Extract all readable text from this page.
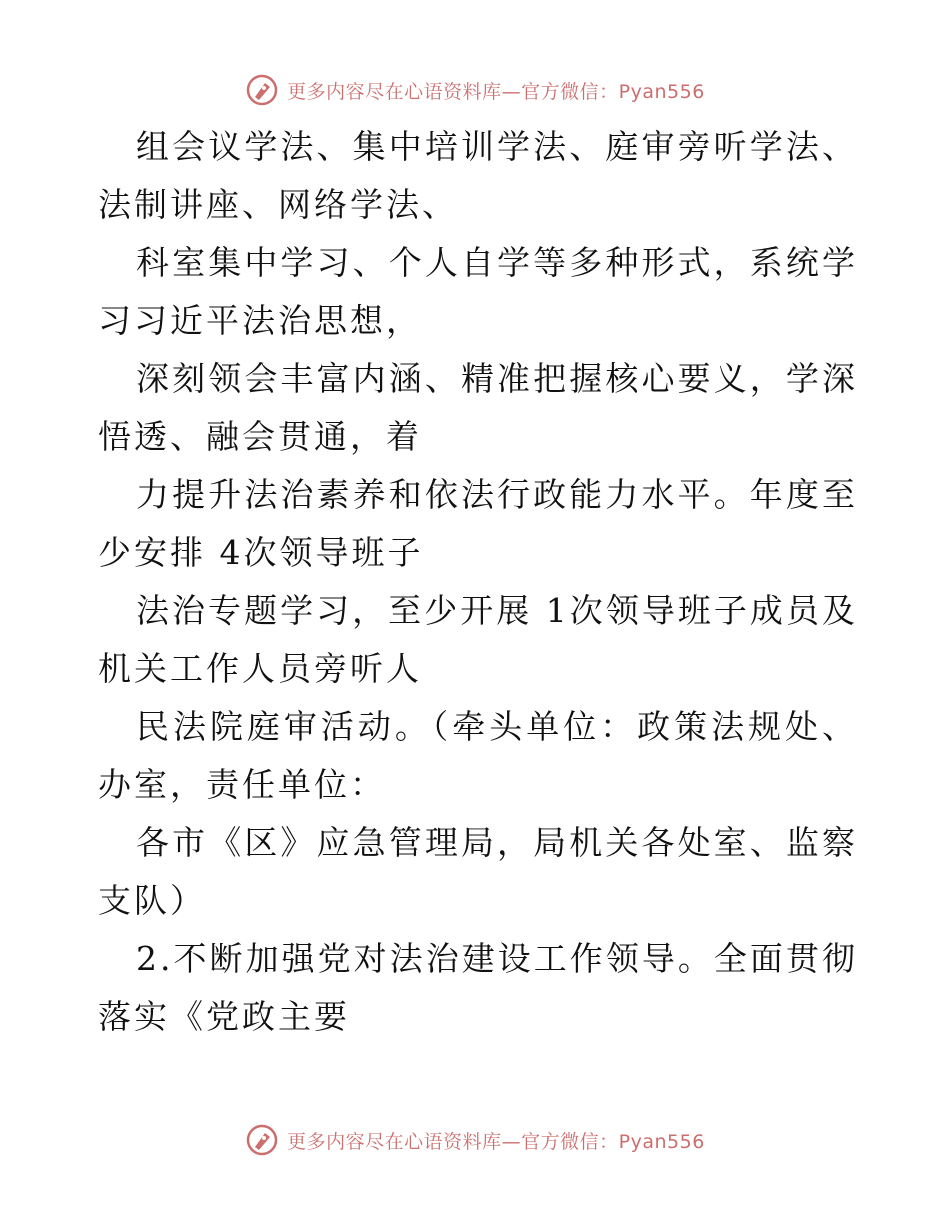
更多内容尽在心语资料库—官方微信：Pyan556

组会议学法、集中培训学法、庭审旁听学法、法制讲座、网络学法、

科室集中学习、个人自学等多种形式，系统学习习近平法治思想，

深刻领会丰富内涵、精准把握核心要义，学深悟透、融会贯通，着

力提升法治素养和依法行政能力水平。年度至少安排 4次领导班子

法治专题学习，至少开展 1次领导班子成员及机关工作人员旁听人

民法院庭审活动。（牵头单位：政策法规处、办室，责任单位：

各市《区》应急管理局，局机关各处室、监察支队）

2.不断加强党对法治建设工作领导。全面贯彻落实《党政主要

更多内容尽在心语资料库—官方微信：Pyan556
